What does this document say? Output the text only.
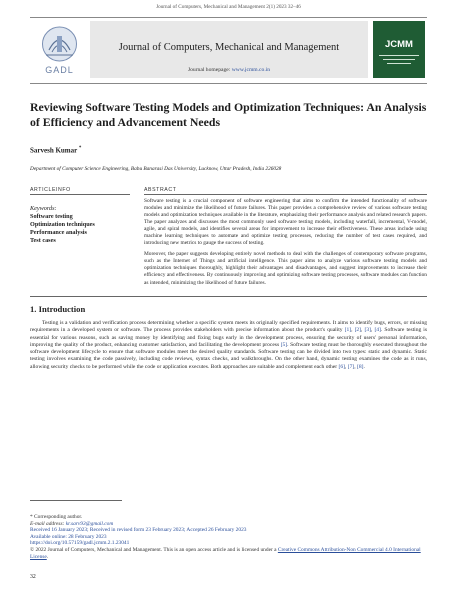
Journal of Computers, Mechanical and Management 2(1) 2023 32–46
GADL
Journal of Computers, Mechanical and Management
Journal homepage: www.jcmm.co.in
JCMM
Reviewing Software Testing Models and Optimization Techniques: An Analysis of Efficiency and Advancement Needs
Sarvesh Kumar *
Department of Computer Science Engineering, Babu Banarasi Das University, Lucknow, Uttar Pradesh, India 226028
ARTICLEINFO	ABSTRACT
Keywords:
Software testing
Optimization techniques
Performance analysis
Test cases

Software testing is a crucial component of software engineering that aims to confirm the intended functionality of software modules and minimize the likelihood of future failures. This paper provides a comprehensive review of various software testing models and optimization techniques available in the literature, emphasizing their performance analysis and related research papers. The paper analyzes and discusses the most commonly used software testing models, including waterfall, incremental, V-model, agile, and spiral models, and identifies several areas for improvement to increase their effectiveness. These areas include using machine learning techniques to automate and optimize testing processes, reducing the number of test cases required, and introducing new metrics to gauge the success of testing.

Moreover, the paper suggests developing entirely novel methods to deal with the challenges of contemporary software programs, such as the Internet of Things and artificial intelligence. This paper aims to analyze various software testing models and optimization techniques thoroughly, highlight their advantages and disadvantages, and suggest improvements to increase their efficiency and effectiveness. By continuously improving and optimizing software testing processes, software modules can function as intended, minimizing the likelihood of future failures.

1. Introduction

Testing is a validation and verification process determining whether a specific system meets its originally specified requirements. It aims to identify bugs, errors, or missing requirements in a developed system or software. The process provides stakeholders with precise information about the product's quality [1], [2], [3], [4]. Software testing is essential for various reasons, such as saving money by identifying and fixing bugs early in the development process, ensuring the security of users' personal information, improving the quality of the product, enhancing customer satisfaction, and facilitating the development process [5]. Software testing must be thoroughly executed throughout the software development lifecycle to ensure that software modules meet the desired quality standards. Software testing can be divided into two types: static and dynamic. Static testing involves examining the code passively, including code reviews, syntax checks, and walkthroughs. On the other hand, dynamic testing examines the code as it runs, allowing security checks to be performed while the code or application executes. Both approaches are suitable and complement each other [6], [7], [8].

* Corresponding author.
E-mail address: kr.sarv93@gmail.com
Received 16 January 2023; Received in revised form 23 February 2023; Accepted 26 February 2023
Available online: 28 February 2023
https://doi.org/10.57159/gadl.jcmm.2.1.23041
© 2022 Journal of Computers, Mechanical and Management. This is an open access article and is licensed under a Creative Commons Attribution-Non Commercial 4.0 International License.
32
